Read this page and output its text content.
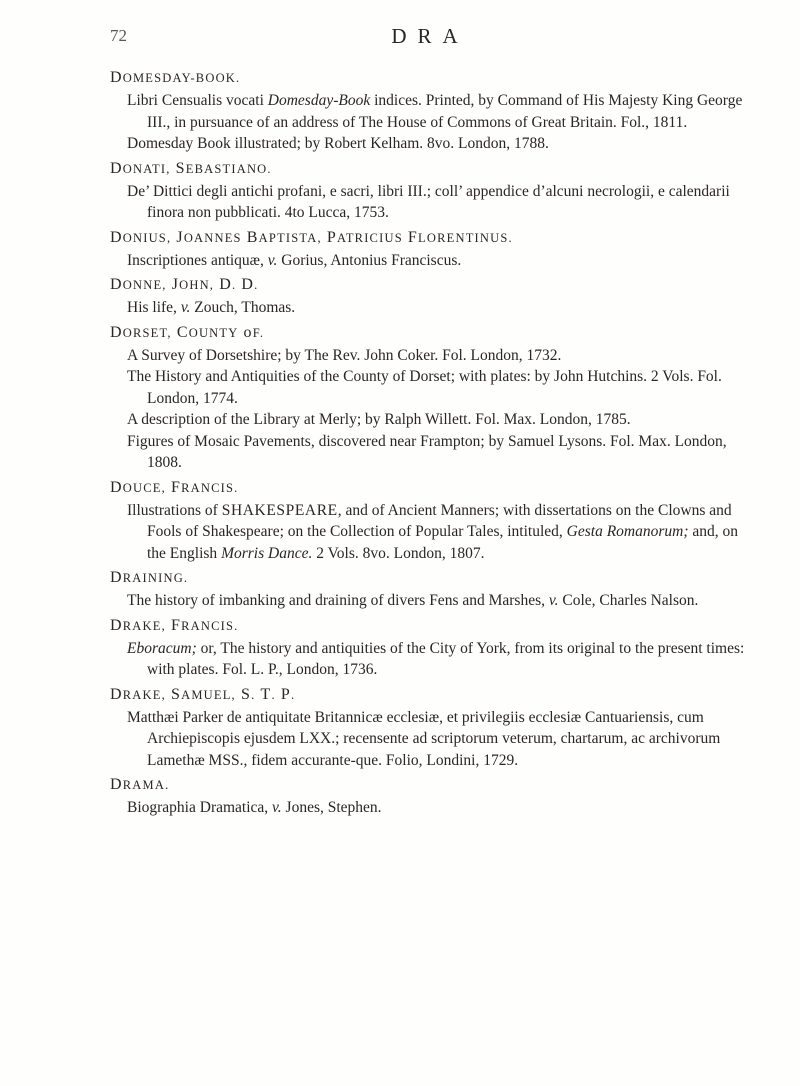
72	DRA
DOMESDAY-BOOK.

Libri Censualis vocati Domesday-Book indices. Printed, by Command of His Majesty King George III., in pursuance of an address of The House of Commons of Great Britain. Fol., 1811.

Domesday Book illustrated; by Robert Kelham. 8vo. London, 1788.

DONATI, SEBASTIANO.

De’ Dittici degli antichi profani, e sacri, libri III.; coll’ appendice d’alcuni necrologii, e calendarii finora non pubblicati. 4to Lucca, 1753.

DONIUS, JOANNES BAPTISTA, PATRICIUS FLORENTINUS.

Inscriptiones antiquæ, v. Gorius, Antonius Franciscus.

DONNE, JOHN, D. D.

His life, v. Zouch, Thomas.

DORSET, COUNTY oF.

A Survey of Dorsetshire; by The Rev. John Coker. Fol. London, 1732.

The History and Antiquities of the County of Dorset; with plates: by John Hutchins. 2 Vols. Fol. London, 1774.

A description of the Library at Merly; by Ralph Willett. Fol. Max. London, 1785.

Figures of Mosaic Pavements, discovered near Frampton; by Samuel Lysons. Fol. Max. London, 1808.

DOUCE, FRANCIS.

Illustrations of SHAKESPEARE, and of Ancient Manners; with dissertations on the Clowns and Fools of Shakespeare; on the Collection of Popular Tales, intituled, Gesta Romanorum; and, on the English Morris Dance. 2 Vols. 8vo. London, 1807.

DRAINING.

The history of imbanking and draining of divers Fens and Marshes, v. Cole, Charles Nalson.

DRAKE, FRANCIS.

Eboracum; or, The history and antiquities of the City of York, from its original to the present times: with plates. Fol. L. P., London, 1736.

DRAKE, SAMUEL, S. T. P.

Matthæi Parker de antiquitate Britannicæ ecclesiæ, et privilegiis ecclesiæ Cantuariensis, cum Archiepiscopis ejusdem LXX.; recensente ad scriptorum veterum, chartarum, ac archivorum Lamethæ MSS., fidem accurante-que. Folio, Londini, 1729.

DRAMA.

Biographia Dramatica, v. Jones, Stephen.
